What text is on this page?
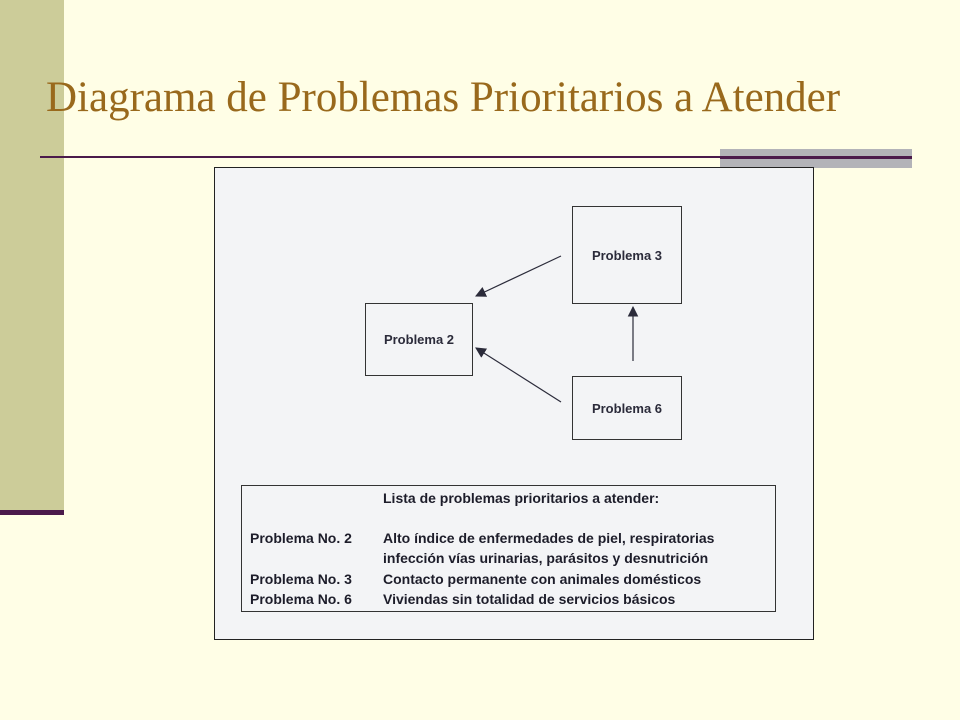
Diagrama de Problemas Prioritarios a Atender
Problema 2
Problema 3
Problema 6
Lista de problemas prioritarios a atender:
Problema No. 2 Alto índice de enfermedades de piel, respiratorias
infección vías urinarias, parásitos y desnutrición
Problema No. 3 Contacto permanente con animales domésticos
Problema No. 6 Viviendas sin totalidad de servicios básicos
